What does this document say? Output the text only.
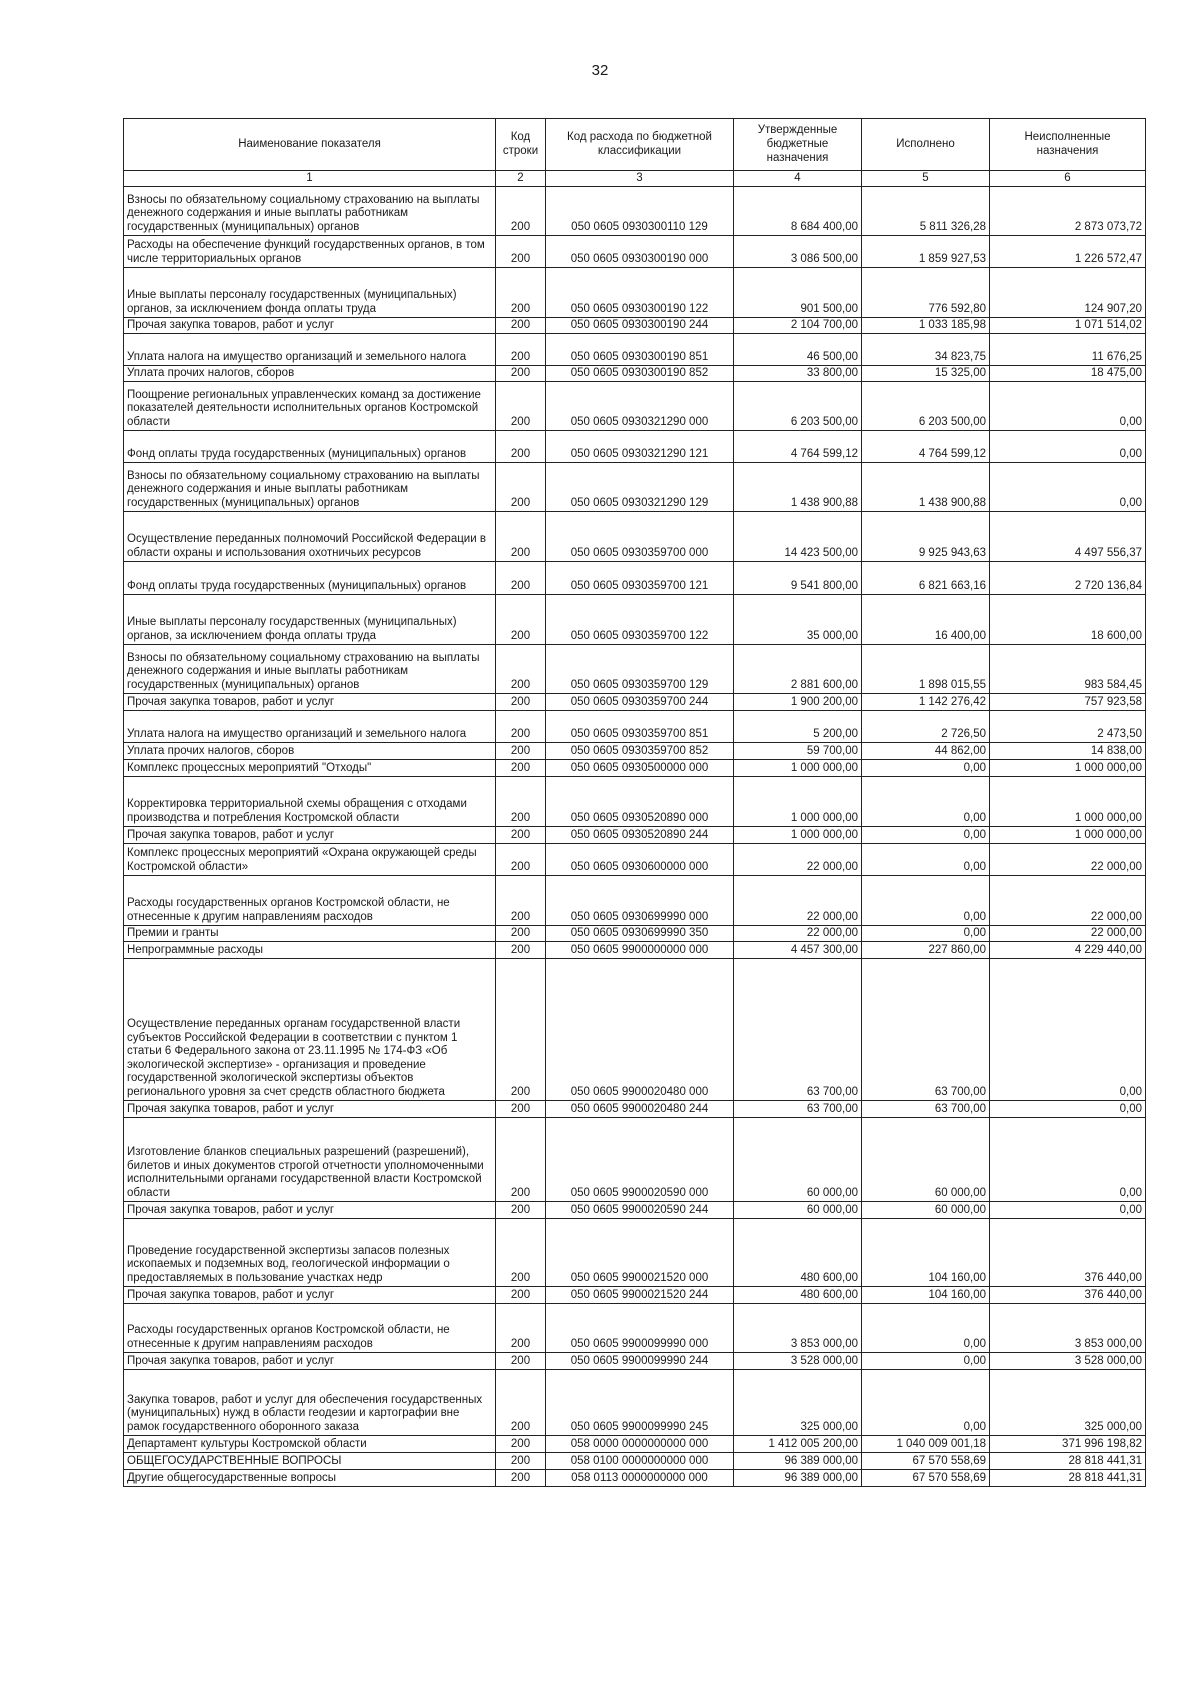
32
Наименование показателя	Код строки	Код расхода по бюджетной классификации	Утвержденные бюджетные назначения	Исполнено	Неисполненные назначения
1	2	3	4	5	6
Взносы по обязательному социальному страхованию на выплаты денежного содержания и иные выплаты работникам государственных (муниципальных) органов	200	050 0605 0930300110 129	8 684 400,00	5 811 326,28	2 873 073,72
Расходы на обеспечение функций государственных органов, в том числе территориальных органов	200	050 0605 0930300190 000	3 086 500,00	1 859 927,53	1 226 572,47
Иные выплаты персоналу государственных (муниципальных) органов, за исключением фонда оплаты труда	200	050 0605 0930300190 122	901 500,00	776 592,80	124 907,20
Прочая закупка товаров, работ и услуг	200	050 0605 0930300190 244	2 104 700,00	1 033 185,98	1 071 514,02
Уплата налога на имущество организаций и земельного налога	200	050 0605 0930300190 851	46 500,00	34 823,75	11 676,25
Уплата прочих налогов, сборов	200	050 0605 0930300190 852	33 800,00	15 325,00	18 475,00
Поощрение региональных управленческих команд за достижение показателей деятельности исполнительных органов Костромской области	200	050 0605 0930321290 000	6 203 500,00	6 203 500,00	0,00
Фонд оплаты труда государственных (муниципальных) органов	200	050 0605 0930321290 121	4 764 599,12	4 764 599,12	0,00
Взносы по обязательному социальному страхованию на выплаты денежного содержания и иные выплаты работникам государственных (муниципальных) органов	200	050 0605 0930321290 129	1 438 900,88	1 438 900,88	0,00
Осуществление переданных полномочий Российской Федерации в области охраны и использования охотничьих ресурсов	200	050 0605 0930359700 000	14 423 500,00	9 925 943,63	4 497 556,37
Фонд оплаты труда государственных (муниципальных) органов	200	050 0605 0930359700 121	9 541 800,00	6 821 663,16	2 720 136,84
Иные выплаты персоналу государственных (муниципальных) органов, за исключением фонда оплаты труда	200	050 0605 0930359700 122	35 000,00	16 400,00	18 600,00
Взносы по обязательному социальному страхованию на выплаты денежного содержания и иные выплаты работникам государственных (муниципальных) органов	200	050 0605 0930359700 129	2 881 600,00	1 898 015,55	983 584,45
Прочая закупка товаров, работ и услуг	200	050 0605 0930359700 244	1 900 200,00	1 142 276,42	757 923,58
Уплата налога на имущество организаций и земельного налога	200	050 0605 0930359700 851	5 200,00	2 726,50	2 473,50
Уплата прочих налогов, сборов	200	050 0605 0930359700 852	59 700,00	44 862,00	14 838,00
Комплекс процессных мероприятий "Отходы"	200	050 0605 0930500000 000	1 000 000,00	0,00	1 000 000,00
Корректировка территориальной схемы обращения с отходами производства и потребления Костромской области	200	050 0605 0930520890 000	1 000 000,00	0,00	1 000 000,00
Прочая закупка товаров, работ и услуг	200	050 0605 0930520890 244	1 000 000,00	0,00	1 000 000,00
Комплекс процессных мероприятий «Охрана окружающей среды Костромской области»	200	050 0605 0930600000 000	22 000,00	0,00	22 000,00
Расходы государственных органов Костромской области, не отнесенные к другим направлениям расходов	200	050 0605 0930699990 000	22 000,00	0,00	22 000,00
Премии и гранты	200	050 0605 0930699990 350	22 000,00	0,00	22 000,00
Непрограммные расходы	200	050 0605 9900000000 000	4 457 300,00	227 860,00	4 229 440,00
Осуществление переданных органам государственной власти субъектов Российской Федерации в соответствии с пунктом 1 статьи 6 Федерального закона от 23.11.1995 № 174-ФЗ «Об экологической экспертизе» - организация и проведение государственной экологической экспертизы объектов регионального уровня за счет средств областного бюджета	200	050 0605 9900020480 000	63 700,00	63 700,00	0,00
Прочая закупка товаров, работ и услуг	200	050 0605 9900020480 244	63 700,00	63 700,00	0,00
Изготовление бланков специальных разрешений (разрешений), билетов и иных документов строгой отчетности уполномоченными исполнительными органами государственной власти Костромской области	200	050 0605 9900020590 000	60 000,00	60 000,00	0,00
Прочая закупка товаров, работ и услуг	200	050 0605 9900020590 244	60 000,00	60 000,00	0,00
Проведение государственной экспертизы запасов полезных ископаемых и подземных вод, геологической информации о предоставляемых в пользование участках недр	200	050 0605 9900021520 000	480 600,00	104 160,00	376 440,00
Прочая закупка товаров, работ и услуг	200	050 0605 9900021520 244	480 600,00	104 160,00	376 440,00
Расходы государственных органов Костромской области, не отнесенные к другим направлениям расходов	200	050 0605 9900099990 000	3 853 000,00	0,00	3 853 000,00
Прочая закупка товаров, работ и услуг	200	050 0605 9900099990 244	3 528 000,00	0,00	3 528 000,00
Закупка товаров, работ и услуг для обеспечения государственных (муниципальных) нужд в области геодезии и картографии вне рамок государственного оборонного заказа	200	050 0605 9900099990 245	325 000,00	0,00	325 000,00
Департамент культуры Костромской области	200	058 0000 0000000000 000	1 412 005 200,00	1 040 009 001,18	371 996 198,82
ОБЩЕГОСУДАРСТВЕННЫЕ ВОПРОСЫ	200	058 0100 0000000000 000	96 389 000,00	67 570 558,69	28 818 441,31
Другие общегосударственные вопросы	200	058 0113 0000000000 000	96 389 000,00	67 570 558,69	28 818 441,31
